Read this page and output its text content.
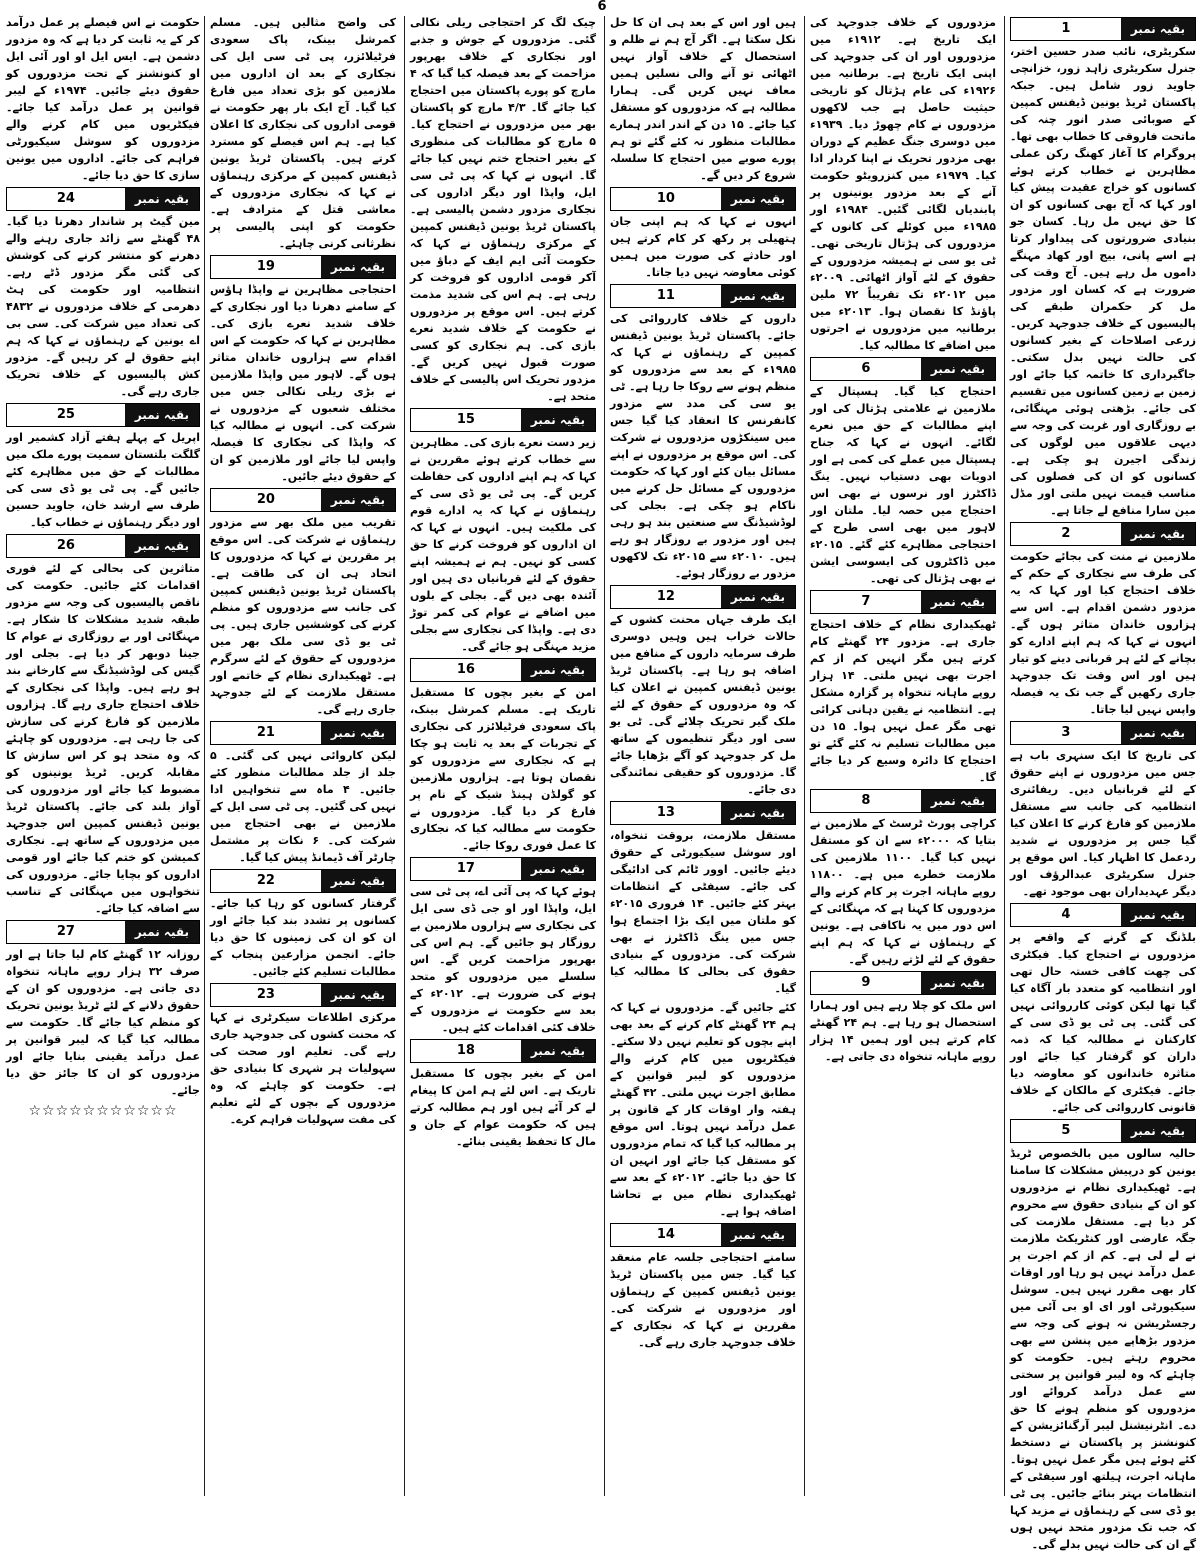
6
بقیہ نمبر
1

سکریٹری، نائب صدر حسین اختر، جنرل سکریٹری زاہد زور، خزانچی جاوید زور شامل ہیں۔ جبکہ پاکستان ٹریڈ یونین ڈیفنس کمپین کے صوبائی صدر انور چنہ کی ماتحت فاروقی کا خطاب بھی تھا۔ پروگرام کا آغاز کھنگ رکن عملی مظاہرین نے خطاب کرتے ہوئے کسانوں کو خراج عقیدت پیش کیا اور کہا کہ آج بھی کسانوں کو ان کا حق نہیں مل رہا۔ کسان جو بنیادی ضرورتوں کی پیداوار کرتا ہے اسے پانی، بیج اور کھاد مہنگے داموں مل رہے ہیں۔ آج وقت کی ضرورت ہے کہ کسان اور مزدور مل کر حکمران طبقے کی پالیسیوں کے خلاف جدوجہد کریں۔ زرعی اصلاحات کے بغیر کسانوں کی حالت نہیں بدل سکتی۔ جاگیرداری کا خاتمہ کیا جائے اور زمین بے زمین کسانوں میں تقسیم کی جائے۔ بڑھتی ہوئی مہنگائی، بے روزگاری اور غربت کی وجہ سے دیہی علاقوں میں لوگوں کی زندگی اجیرن ہو چکی ہے۔ کسانوں کو ان کی فصلوں کی مناسب قیمت نہیں ملتی اور مڈل مین سارا منافع لے جاتا ہے۔

بقیہ نمبر
2

ملازمین نے منت کی بجائے حکومت کی طرف سے نجکاری کے حکم کے خلاف احتجاج کیا اور کہا کہ یہ مزدور دشمن اقدام ہے۔ اس سے ہزاروں خاندان متاثر ہوں گے۔ انہوں نے کہا کہ ہم اپنے ادارے کو بچانے کے لئے ہر قربانی دینے کو تیار ہیں اور اس وقت تک جدوجہد جاری رکھیں گے جب تک یہ فیصلہ واپس نہیں لیا جاتا۔

بقیہ نمبر
3

کی تاریخ کا ایک سنہری باب ہے جس میں مزدوروں نے اپنے حقوق کے لئے قربانیاں دیں۔ ریفائنری انتظامیہ کی جانب سے مستقل ملازمین کو فارغ کرنے کا اعلان کیا گیا جس پر مزدوروں نے شدید ردعمل کا اظہار کیا۔ اس موقع پر جنرل سکریٹری عبدالرؤف اور دیگر عہدیداران بھی موجود تھے۔

بقیہ نمبر
4

بلڈنگ کے گرنے کے واقعے پر مزدوروں نے احتجاج کیا۔ فیکٹری کی چھت کافی خستہ حال تھی اور انتظامیہ کو متعدد بار آگاہ کیا گیا تھا لیکن کوئی کارروائی نہیں کی گئی۔ پی ٹی یو ڈی سی کے کارکنان نے مطالبہ کیا کہ ذمہ داران کو گرفتار کیا جائے اور متاثرہ خاندانوں کو معاوضہ دیا جائے۔ فیکٹری کے مالکان کے خلاف قانونی کارروائی کی جائے۔

بقیہ نمبر
5

حالیہ سالوں میں بالخصوص ٹریڈ یونین کو درپیش مشکلات کا سامنا ہے۔ ٹھیکیداری نظام نے مزدوروں کو ان کے بنیادی حقوق سے محروم کر دیا ہے۔ مستقل ملازمت کی جگہ عارضی اور کنٹریکٹ ملازمت نے لے لی ہے۔ کم از کم اجرت پر عمل درآمد نہیں ہو رہا اور اوقات کار بھی مقرر نہیں ہیں۔ سوشل سیکیورٹی اور ای او بی آئی میں رجسٹریشن نہ ہونے کی وجہ سے مزدور بڑھاپے میں پنشن سے بھی محروم رہتے ہیں۔ حکومت کو چاہئے کہ وہ لیبر قوانین پر سختی سے عمل درآمد کروائے اور مزدوروں کو منظم ہونے کا حق دے۔ انٹرنیشنل لیبر آرگنائزیشن کے کنونشنز پر پاکستان نے دستخط کئے ہوئے ہیں مگر عمل نہیں ہوتا۔ ماہانہ اجرت، ہیلتھ اور سیفٹی کے انتظامات بہتر بنائے جائیں۔ پی ٹی یو ڈی سی کے رہنماؤں نے مزید کہا کہ جب تک مزدور متحد نہیں ہوں گے ان کی حالت نہیں بدلے گی۔

مزدوروں کے خلاف جدوجہد کی ایک تاریخ ہے۔ ۱۹۱۲ء میں مزدوروں اور ان کی جدوجہد کی اپنی ایک تاریخ ہے۔ برطانیہ میں ۱۹۲۶ء کی عام ہڑتال کو تاریخی حیثیت حاصل ہے جب لاکھوں مزدوروں نے کام چھوڑ دیا۔ ۱۹۳۹ء میں دوسری جنگ عظیم کے دوران بھی مزدور تحریک نے اپنا کردار ادا کیا۔ ۱۹۷۹ء میں کنزرویٹو حکومت آنے کے بعد مزدور یونینوں پر پابندیاں لگائی گئیں۔ ۱۹۸۴ء اور ۱۹۸۵ء میں کوئلے کی کانوں کے مزدوروں کی ہڑتال تاریخی تھی۔ ٹی یو سی نے ہمیشہ مزدوروں کے حقوق کے لئے آواز اٹھائی۔ ۲۰۰۹ء میں ۲۰۱۲ء تک تقریباً ۷۲ ملین پاؤنڈ کا نقصان ہوا۔ ۲۰۱۳ء میں برطانیہ میں مزدوروں نے اجرتوں میں اضافے کا مطالبہ کیا۔

بقیہ نمبر
6

احتجاج کیا گیا۔ ہسپتال کے ملازمین نے علامتی ہڑتال کی اور اپنے مطالبات کے حق میں نعرے لگائے۔ انہوں نے کہا کہ جناح ہسپتال میں عملے کی کمی ہے اور ادویات بھی دستیاب نہیں۔ ینگ ڈاکٹرز اور نرسوں نے بھی اس احتجاج میں حصہ لیا۔ ملتان اور لاہور میں بھی اسی طرح کے احتجاجی مظاہرے کئے گئے۔ ۲۰۱۵ء میں ڈاکٹروں کی ایسوسی ایشن نے بھی ہڑتال کی تھی۔

بقیہ نمبر
7

ٹھیکیداری نظام کے خلاف احتجاج جاری ہے۔ مزدور ۲۴ گھنٹے کام کرتے ہیں مگر انہیں کم از کم اجرت بھی نہیں ملتی۔ ۱۴ ہزار روپے ماہانہ تنخواہ پر گزارہ مشکل ہے۔ انتظامیہ نے یقین دہانی کرائی تھی مگر عمل نہیں ہوا۔ ۱۵ دن میں مطالبات تسلیم نہ کئے گئے تو احتجاج کا دائرہ وسیع کر دیا جائے گا۔

بقیہ نمبر
8

کراچی پورٹ ٹرسٹ کے ملازمین نے بتایا کہ ۲۰۰۰ء سے ان کو مستقل نہیں کیا گیا۔ ۱۱۰۰ ملازمین کی ملازمت خطرے میں ہے۔ ۱۱۸۰۰ روپے ماہانہ اجرت پر کام کرنے والے مزدوروں کا کہنا ہے کہ مہنگائی کے اس دور میں یہ ناکافی ہے۔ یونین کے رہنماؤں نے کہا کہ ہم اپنے حقوق کے لئے لڑتے رہیں گے۔

بقیہ نمبر
9

اس ملک کو چلا رہے ہیں اور ہمارا استحصال ہو رہا ہے۔ ہم ۲۴ گھنٹے کام کرتے ہیں اور ہمیں ۱۴ ہزار روپے ماہانہ تنخواہ دی جاتی ہے۔

ہیں اور اس کے بعد ہی ان کا حل نکل سکتا ہے۔ اگر آج ہم نے ظلم و استحصال کے خلاف آواز نہیں اٹھائی تو آنے والی نسلیں ہمیں معاف نہیں کریں گی۔ ہمارا مطالبہ ہے کہ مزدوروں کو مستقل کیا جائے۔ ۱۵ دن کے اندر اندر ہمارے مطالبات منظور نہ کئے گئے تو ہم پورے صوبے میں احتجاج کا سلسلہ شروع کر دیں گے۔

بقیہ نمبر
10

انہوں نے کہا کہ ہم اپنی جان ہتھیلی پر رکھ کر کام کرتے ہیں اور حادثے کی صورت میں ہمیں کوئی معاوضہ نہیں دیا جاتا۔

بقیہ نمبر
11

داروں کے خلاف کارروائی کی جائے۔ پاکستان ٹریڈ یونین ڈیفنس کمپین کے رہنماؤں نے کہا کہ ۱۹۸۵ء کے بعد سے مزدوروں کو منظم ہونے سے روکا جا رہا ہے۔ ٹی یو سی کی مدد سے مزدور کانفرنس کا انعقاد کیا گیا جس میں سینکڑوں مزدوروں نے شرکت کی۔ اس موقع پر مزدوروں نے اپنے مسائل بیان کئے اور کہا کہ حکومت مزدوروں کے مسائل حل کرنے میں ناکام ہو چکی ہے۔ بجلی کی لوڈشیڈنگ سے صنعتیں بند ہو رہی ہیں اور مزدور بے روزگار ہو رہے ہیں۔ ۲۰۱۰ء سے ۲۰۱۵ء تک لاکھوں مزدور بے روزگار ہوئے۔

بقیہ نمبر
12

ایک طرف جہاں محنت کشوں کے حالات خراب ہیں وہیں دوسری طرف سرمایہ داروں کے منافع میں اضافہ ہو رہا ہے۔ پاکستان ٹریڈ یونین ڈیفنس کمپین نے اعلان کیا کہ وہ مزدوروں کے حقوق کے لئے ملک گیر تحریک چلائے گی۔ ٹی یو سی اور دیگر تنظیموں کے ساتھ مل کر جدوجہد کو آگے بڑھایا جائے گا۔ مزدوروں کو حقیقی نمائندگی دی جائے۔

بقیہ نمبر
13

مستقل ملازمت، بروقت تنخواہ، اور سوشل سیکیورٹی کے حقوق دیئے جائیں۔ اوور ٹائم کی ادائیگی کی جائے۔ سیفٹی کے انتظامات بہتر کئے جائیں۔ ۱۴ فروری ۲۰۱۵ء کو ملتان میں ایک بڑا اجتماع ہوا جس میں ینگ ڈاکٹرز نے بھی شرکت کی۔ مزدوروں کے بنیادی حقوق کی بحالی کا مطالبہ کیا گیا۔

کئے جائیں گے۔ مزدوروں نے کہا کہ ہم ۲۴ گھنٹے کام کرنے کے بعد بھی اپنے بچوں کو تعلیم نہیں دلا سکتے۔ فیکٹریوں میں کام کرنے والے مزدوروں کو لیبر قوانین کے مطابق اجرت نہیں ملتی۔ ۴۲ گھنٹے ہفتہ وار اوقات کار کے قانون پر عمل درآمد نہیں ہوتا۔ اس موقع پر مطالبہ کیا گیا کہ تمام مزدوروں کو مستقل کیا جائے اور انہیں ان کا حق دیا جائے۔ ۲۰۱۲ء کے بعد سے ٹھیکیداری نظام میں بے تحاشا اضافہ ہوا ہے۔

بقیہ نمبر
14

سامنے احتجاجی جلسہ عام منعقد کیا گیا۔ جس میں پاکستان ٹریڈ یونین ڈیفنس کمپین کے رہنماؤں اور مزدوروں نے شرکت کی۔ مقررین نے کہا کہ نجکاری کے خلاف جدوجہد جاری رہے گی۔

چیک لگ کر احتجاجی ریلی نکالی گئی۔ مزدوروں کے جوش و جذبے اور نجکاری کے خلاف بھرپور مزاحمت کے بعد فیصلہ کیا گیا کہ ۴ مارچ کو پورے پاکستان میں احتجاج کیا جائے گا۔ ۴/۳ مارچ کو پاکستان بھر میں مزدوروں نے احتجاج کیا۔ ۵ مارچ کو مطالبات کی منظوری کے بغیر احتجاج ختم نہیں کیا جائے گا۔ انہوں نے کہا کہ پی ٹی سی ایل، واپڈا اور دیگر اداروں کی نجکاری مزدور دشمن پالیسی ہے۔ پاکستان ٹریڈ یونین ڈیفنس کمپین کے مرکزی رہنماؤں نے کہا کہ حکومت آئی ایم ایف کے دباؤ میں آکر قومی اداروں کو فروخت کر رہی ہے۔ ہم اس کی شدید مذمت کرتے ہیں۔ اس موقع پر مزدوروں نے حکومت کے خلاف شدید نعرے بازی کی۔ ہم نجکاری کو کسی صورت قبول نہیں کریں گے۔ مزدور تحریک اس پالیسی کے خلاف متحد ہے۔

بقیہ نمبر
15

زیر دست نعرے بازی کی۔ مظاہرین سے خطاب کرتے ہوئے مقررین نے کہا کہ ہم اپنے اداروں کی حفاظت کریں گے۔ پی ٹی یو ڈی سی کے رہنماؤں نے کہا کہ یہ ادارے قوم کی ملکیت ہیں۔ انہوں نے کہا کہ ان اداروں کو فروخت کرنے کا حق کسی کو نہیں۔ ہم نے ہمیشہ اپنے حقوق کے لئے قربانیاں دی ہیں اور آئندہ بھی دیں گے۔ بجلی کے بلوں میں اضافے نے عوام کی کمر توڑ دی ہے۔ واپڈا کی نجکاری سے بجلی مزید مہنگی ہو جائے گی۔

بقیہ نمبر
16

امن کے بغیر بچوں کا مستقبل تاریک ہے۔ مسلم کمرشل بینک، پاک سعودی فرٹیلائزر کی نجکاری کے تجربات کے بعد یہ ثابت ہو چکا ہے کہ نجکاری سے مزدوروں کو نقصان ہوتا ہے۔ ہزاروں ملازمین کو گولڈن ہینڈ شیک کے نام پر فارغ کر دیا گیا۔ مزدوروں نے حکومت سے مطالبہ کیا کہ نجکاری کا عمل فوری روکا جائے۔

بقیہ نمبر
17

ہوئے کہا کہ پی آئی اے، پی ٹی سی ایل، واپڈا اور او جی ڈی سی ایل کی نجکاری سے ہزاروں ملازمین بے روزگار ہو جائیں گے۔ ہم اس کی بھرپور مزاحمت کریں گے۔ اس سلسلے میں مزدوروں کو متحد ہونے کی ضرورت ہے۔ ۲۰۱۲ء کے بعد سے حکومت نے مزدوروں کے خلاف کئی اقدامات کئے ہیں۔

بقیہ نمبر
18

امن کے بغیر بچوں کا مستقبل تاریک ہے۔ اس لئے ہم امن کا پیغام لے کر آئے ہیں اور ہم مطالبہ کرتے ہیں کہ حکومت عوام کے جان و مال کا تحفظ یقینی بنائے۔

کی واضح مثالیں ہیں۔ مسلم کمرشل بینک، پاک سعودی فرٹیلائزر، پی ٹی سی ایل کی نجکاری کے بعد ان اداروں میں ملازمین کو بڑی تعداد میں فارغ کیا گیا۔ آج ایک بار پھر حکومت نے قومی اداروں کی نجکاری کا اعلان کیا ہے۔ ہم اس فیصلے کو مسترد کرتے ہیں۔ پاکستان ٹریڈ یونین ڈیفنس کمپین کے مرکزی رہنماؤں نے کہا کہ نجکاری مزدوروں کے معاشی قتل کے مترادف ہے۔ حکومت کو اپنی پالیسی پر نظرثانی کرنی چاہئے۔

بقیہ نمبر
19

احتجاجی مظاہرین نے واپڈا ہاؤس کے سامنے دھرنا دیا اور نجکاری کے خلاف شدید نعرے بازی کی۔ مظاہرین نے کہا کہ حکومت کے اس اقدام سے ہزاروں خاندان متاثر ہوں گے۔ لاہور میں واپڈا ملازمین نے بڑی ریلی نکالی جس میں مختلف شعبوں کے مزدوروں نے شرکت کی۔ انہوں نے مطالبہ کیا کہ واپڈا کی نجکاری کا فیصلہ واپس لیا جائے اور ملازمین کو ان کے حقوق دیئے جائیں۔

بقیہ نمبر
20

تقریب میں ملک بھر سے مزدور رہنماؤں نے شرکت کی۔ اس موقع پر مقررین نے کہا کہ مزدوروں کا اتحاد ہی ان کی طاقت ہے۔ پاکستان ٹریڈ یونین ڈیفنس کمپین کی جانب سے مزدوروں کو منظم کرنے کی کوششیں جاری ہیں۔ پی ٹی یو ڈی سی ملک بھر میں مزدوروں کے حقوق کے لئے سرگرم ہے۔ ٹھیکیداری نظام کے خاتمے اور مستقل ملازمت کے لئے جدوجہد جاری رہے گی۔

بقیہ نمبر
21

لیکن کاروائی نہیں کی گئی۔ ۵ جلد از جلد مطالبات منظور کئے جائیں۔ ۴ ماہ سے تنخواہیں ادا نہیں کی گئیں۔ پی ٹی سی ایل کے ملازمین نے بھی احتجاج میں شرکت کی۔ ۶ نکات پر مشتمل چارٹر آف ڈیمانڈ پیش کیا گیا۔

بقیہ نمبر
22

گرفتار کسانوں کو رہا کیا جائے۔ کسانوں پر تشدد بند کیا جائے اور ان کو ان کی زمینوں کا حق دیا جائے۔ انجمن مزارعین پنجاب کے مطالبات تسلیم کئے جائیں۔

بقیہ نمبر
23

مرکزی اطلاعات سیکرٹری نے کہا کہ محنت کشوں کی جدوجہد جاری رہے گی۔ تعلیم اور صحت کی سہولیات ہر شہری کا بنیادی حق ہے۔ حکومت کو چاہئے کہ وہ مزدوروں کے بچوں کے لئے تعلیم کی مفت سہولیات فراہم کرے۔

حکومت نے اس فیصلے پر عمل درآمد کر کے یہ ثابت کر دیا ہے کہ وہ مزدور دشمن ہے۔ ایس ایل او اور آئی ایل او کنونشنز کے تحت مزدوروں کو حقوق دیئے جائیں۔ ۱۹۷۴ء کے لیبر قوانین پر عمل درآمد کیا جائے۔ فیکٹریوں میں کام کرنے والے مزدوروں کو سوشل سیکیورٹی فراہم کی جائے۔ اداروں میں یونین سازی کا حق دیا جائے۔

بقیہ نمبر
24

مین گیٹ پر شاندار دھرنا دیا گیا۔ ۴۸ گھنٹے سے زائد جاری رہنے والے دھرنے کو منتشر کرنے کی کوشش کی گئی مگر مزدور ڈٹے رہے۔ انتظامیہ اور حکومت کی ہٹ دھرمی کے خلاف مزدوروں نے ۴۸۳۲ کی تعداد میں شرکت کی۔ سی بی اے یونین کے رہنماؤں نے کہا کہ ہم اپنے حقوق لے کر رہیں گے۔ مزدور کش پالیسیوں کے خلاف تحریک جاری رہے گی۔

بقیہ نمبر
25

اپریل کے پہلے ہفتے آزاد کشمیر اور گلگت بلتستان سمیت پورے ملک میں مطالبات کے حق میں مظاہرے کئے جائیں گے۔ پی ٹی یو ڈی سی کی طرف سے ارشد خان، جاوید حسین اور دیگر رہنماؤں نے خطاب کیا۔

بقیہ نمبر
26

متاثرین کی بحالی کے لئے فوری اقدامات کئے جائیں۔ حکومت کی ناقص پالیسیوں کی وجہ سے مزدور طبقہ شدید مشکلات کا شکار ہے۔ مہنگائی اور بے روزگاری نے عوام کا جینا دوبھر کر دیا ہے۔ بجلی اور گیس کی لوڈشیڈنگ سے کارخانے بند ہو رہے ہیں۔ واپڈا کی نجکاری کے خلاف احتجاج جاری رہے گا۔ ہزاروں ملازمین کو فارغ کرنے کی سازش کی جا رہی ہے۔ مزدوروں کو چاہئے کہ وہ متحد ہو کر اس سازش کا مقابلہ کریں۔ ٹریڈ یونینوں کو مضبوط کیا جائے اور مزدوروں کی آواز بلند کی جائے۔ پاکستان ٹریڈ یونین ڈیفنس کمپین اس جدوجہد میں مزدوروں کے ساتھ ہے۔ نجکاری کمیشن کو ختم کیا جائے اور قومی اداروں کو بچایا جائے۔ مزدوروں کی تنخواہوں میں مہنگائی کے تناسب سے اضافہ کیا جائے۔

بقیہ نمبر
27

روزانہ ۱۲ گھنٹے کام لیا جاتا ہے اور صرف ۳۲ ہزار روپے ماہانہ تنخواہ دی جاتی ہے۔ مزدوروں کو ان کے حقوق دلانے کے لئے ٹریڈ یونین تحریک کو منظم کیا جائے گا۔ حکومت سے مطالبہ کیا گیا کہ لیبر قوانین پر عمل درآمد یقینی بنایا جائے اور مزدوروں کو ان کا جائز حق دیا جائے۔

☆☆☆☆☆☆☆☆☆☆☆
